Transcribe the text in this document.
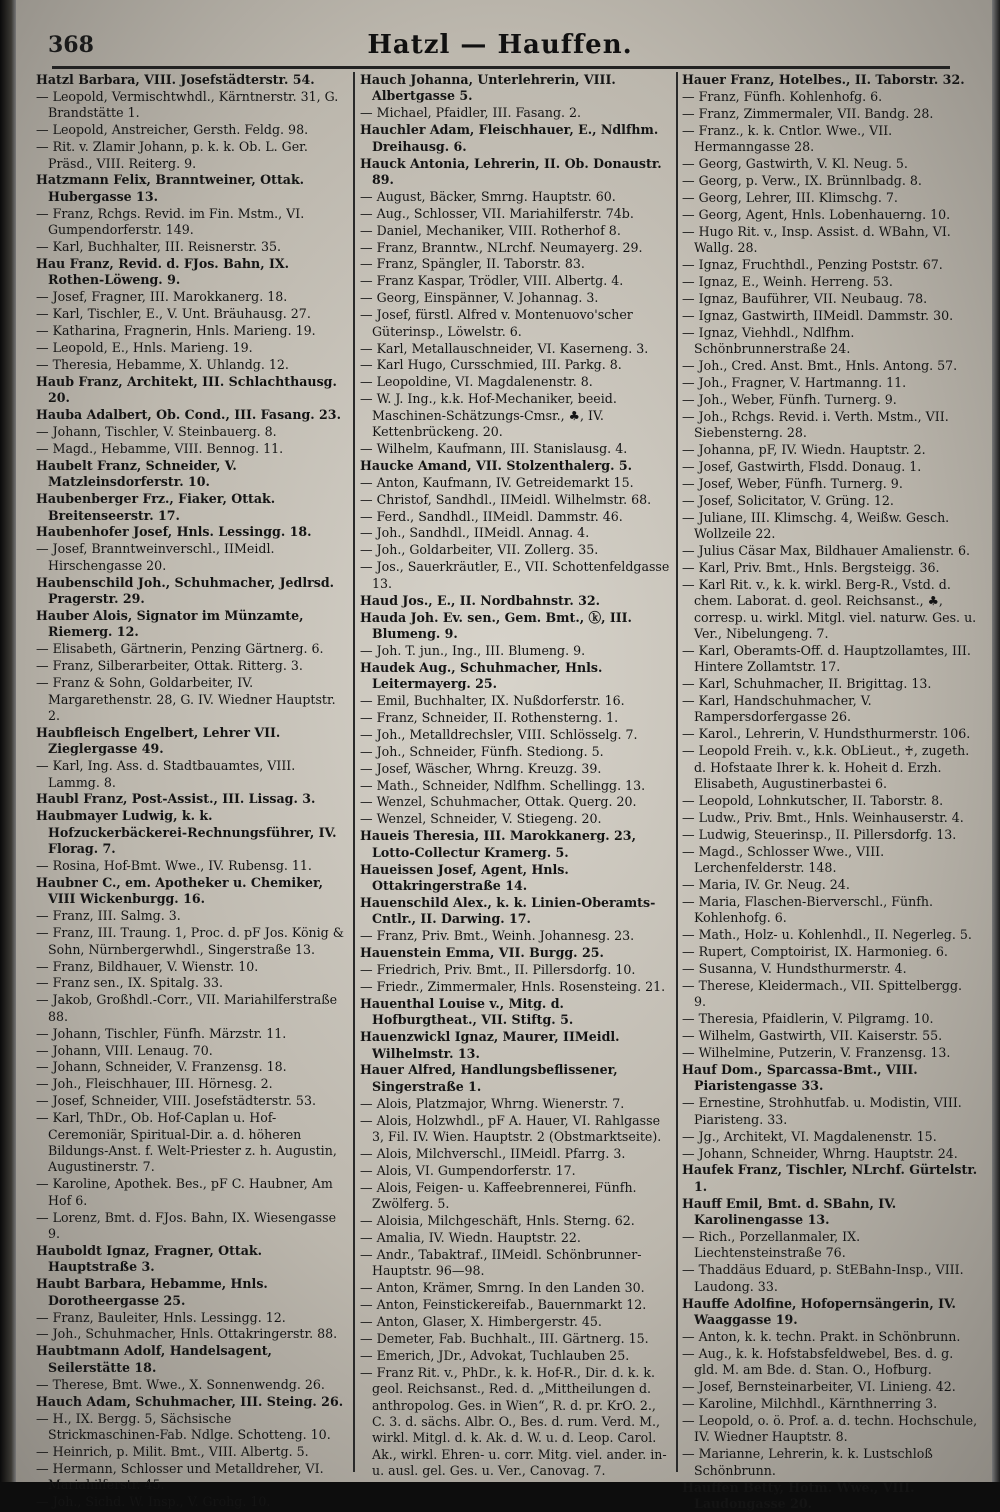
368	Hatzl — Hauffen.
Hatzl Barbara, VIII. Josefstädterstr. 54.
— Leopold, Vermischtwhdl., Kärntnerstr. 31, G. Brandstätte 1.
— Leopold, Anstreicher, Gersth. Feldg. 98.
— Rit. v. Zlamir Johann, p. k. k. Ob. L. Ger. Präsd., VIII. Reiterg. 9.
Hatzmann Felix, Branntweiner, Ottak. Hubergasse 13.
— Franz, Rchgs. Revid. im Fin. Mstm., VI. Gumpendorferstr. 149.
— Karl, Buchhalter, III. Reisnerstr. 35.
Hau Franz, Revid. d. FJos. Bahn, IX. Rothen-Löweng. 9.
— Josef, Fragner, III. Marokkanerg. 18.
— Karl, Tischler, E., V. Unt. Bräuhausg. 27.
— Katharina, Fragnerin, Hnls. Marieng. 19.
— Leopold, E., Hnls. Marieng. 19.
— Theresia, Hebamme, X. Uhlandg. 12.
Haub Franz, Architekt, III. Schlachthausg. 20.
Hauba Adalbert, Ob. Cond., III. Fasang. 23.
— Johann, Tischler, V. Steinbauerg. 8.
— Magd., Hebamme, VIII. Bennog. 11.
Haubelt Franz, Schneider, V. Matzleinsdorferstr. 10.
Haubenberger Frz., Fiaker, Ottak. Breitenseerstr. 17.
Haubenhofer Josef, Hnls. Lessingg. 18.
— Josef, Branntweinverschl., IIMeidl. Hirschengasse 20.
Haubenschild Joh., Schuhmacher, Jedlrsd. Pragerstr. 29.
Hauber Alois, Signator im Münzamte, Riemerg. 12.
— Elisabeth, Gärtnerin, Penzing Gärtnerg. 6.
— Franz, Silberarbeiter, Ottak. Ritterg. 3.
— Franz & Sohn, Goldarbeiter, IV. Margarethenstr. 28, G. IV. Wiedner Hauptstr. 2.
Haubfleisch Engelbert, Lehrer VII. Zieglergasse 49.
— Karl, Ing. Ass. d. Stadtbauamtes, VIII. Lammg. 8.
Haubl Franz, Post-Assist., III. Lissag. 3.
Haubmayer Ludwig, k. k. Hofzuckerbäckerei-Rechnungsführer, IV. Florag. 7.
— Rosina, Hof-Bmt. Wwe., IV. Rubensg. 11.
Haubner C., em. Apotheker u. Chemiker, VIII Wickenburgg. 16.
— Franz, III. Salmg. 3.
— Franz, III. Traung. 1, Proc. d. pF Jos. König & Sohn, Nürnbergerwhdl., Singerstraße 13.
— Franz, Bildhauer, V. Wienstr. 10.
— Franz sen., IX. Spitalg. 33.
— Jakob, Großhdl.-Corr., VII. Mariahilferstraße 88.
— Johann, Tischler, Fünfh. Märzstr. 11.
— Johann, VIII. Lenaug. 70.
— Johann, Schneider, V. Franzensg. 18.
— Joh., Fleischhauer, III. Hörnesg. 2.
— Josef, Schneider, VIII. Josefstädterstr. 53.
— Karl, ThDr., Ob. Hof-Caplan u. Hof-Ceremoniär, Spiritual-Dir. a. d. höheren Bildungs-Anst. f. Welt-Priester z. h. Augustin, Augustinerstr. 7.
— Karoline, Apothek. Bes., pF C. Haubner, Am Hof 6.
— Lorenz, Bmt. d. FJos. Bahn, IX. Wiesengasse 9.
Hauboldt Ignaz, Fragner, Ottak. Hauptstraße 3.
Haubt Barbara, Hebamme, Hnls. Dorotheergasse 25.
— Franz, Bauleiter, Hnls. Lessingg. 12.
— Joh., Schuhmacher, Hnls. Ottakringerstr. 88.
Haubtmann Adolf, Handelsagent, Seilerstätte 18.
— Therese, Bmt. Wwe., X. Sonnenwendg. 26.
Hauch Adam, Schuhmacher, III. Steing. 26.
— H., IX. Bergg. 5, Sächsische Strickmaschinen-Fab. Ndlge. Schotteng. 10.
— Heinrich, p. Milit. Bmt., VIII. Albertg. 5.
— Hermann, Schlosser und Metalldreher, VI. Mariahilferstr. 45.
— Joh., Sichd. W. Insp., V. Grohg. 10.
Hauch Johanna, Unterlehrerin, VIII. Albertgasse 5.
— Michael, Pfaidler, III. Fasang. 2.
Hauchler Adam, Fleischhauer, E., Ndlfhm. Dreihausg. 6.
Hauck Antonia, Lehrerin, II. Ob. Donaustr. 89.
— August, Bäcker, Smrng. Hauptstr. 60.
— Aug., Schlosser, VII. Mariahilferstr. 74b.
— Daniel, Mechaniker, VIII. Rotherhof 8.
— Franz, Branntw., NLrchf. Neumayerg. 29.
— Franz, Spängler, II. Taborstr. 83.
— Franz Kaspar, Trödler, VIII. Albertg. 4.
— Georg, Einspänner, V. Johannag. 3.
— Josef, fürstl. Alfred v. Montenuovo'scher Güterinsp., Löwelstr. 6.
— Karl, Metallauschneider, VI. Kaserneng. 3.
— Karl Hugo, Cursschmied, III. Parkg. 8.
— Leopoldine, VI. Magdalenenstr. 8.
— W. J. Ing., k.k. Hof-Mechaniker, beeid. Maschinen-Schätzungs-Cmsr., ♣, IV. Kettenbrückeng. 20.
— Wilhelm, Kaufmann, III. Stanislausg. 4.
Haucke Amand, VII. Stolzenthalerg. 5.
— Anton, Kaufmann, IV. Getreidemarkt 15.
— Christof, Sandhdl., IIMeidl. Wilhelmstr. 68.
— Ferd., Sandhdl., IIMeidl. Dammstr. 46.
— Joh., Sandhdl., IIMeidl. Annag. 4.
— Joh., Goldarbeiter, VII. Zollerg. 35.
— Jos., Sauerkräutler, E., VII. Schottenfeldgasse 13.
Haud Jos., E., II. Nordbahnstr. 32.
Hauda Joh. Ev. sen., Gem. Bmt., ⓚ, III. Blumeng. 9.
— Joh. T. jun., Ing., III. Blumeng. 9.
Haudek Aug., Schuhmacher, Hnls. Leitermayerg. 25.
— Emil, Buchhalter, IX. Nußdorferstr. 16.
— Franz, Schneider, II. Rothensterng. 1.
— Joh., Metalldrechsler, VIII. Schlösselg. 7.
— Joh., Schneider, Fünfh. Stediong. 5.
— Josef, Wäscher, Whrng. Kreuzg. 39.
— Math., Schneider, Ndlfhm. Schellingg. 13.
— Wenzel, Schuhmacher, Ottak. Querg. 20.
— Wenzel, Schneider, V. Stiegeng. 20.
Haueis Theresia, III. Marokkanerg. 23, Lotto-Collectur Kramerg. 5.
Haueissen Josef, Agent, Hnls. Ottakringerstraße 14.
Hauenschild Alex., k. k. Linien-Oberamts-Cntlr., II. Darwing. 17.
— Franz, Priv. Bmt., Weinh. Johannesg. 23.
Hauenstein Emma, VII. Burgg. 25.
— Friedrich, Priv. Bmt., II. Pillersdorfg. 10.
— Friedr., Zimmermaler, Hnls. Rosensteing. 21.
Hauenthal Louise v., Mitg. d. Hofburgtheat., VII. Stiftg. 5.
Hauenzwickl Ignaz, Maurer, IIMeidl. Wilhelmstr. 13.
Hauer Alfred, Handlungsbeflissener, Singerstraße 1.
— Alois, Platzmajor, Whrng. Wienerstr. 7.
— Alois, Holzwhdl., pF A. Hauer, VI. Rahlgasse 3, Fil. IV. Wien. Hauptstr. 2 (Obstmarktseite).
— Alois, Milchverschl., IIMeidl. Pfarrg. 3.
— Alois, VI. Gumpendorferstr. 17.
— Alois, Feigen- u. Kaffeebrennerei, Fünfh. Zwölferg. 5.
— Aloisia, Milchgeschäft, Hnls. Sterng. 62.
— Amalia, IV. Wiedn. Hauptstr. 22.
— Andr., Tabaktraf., IIMeidl. Schönbrunner-Hauptstr. 96—98.
— Anton, Krämer, Smrng. In den Landen 30.
— Anton, Feinstickereifab., Bauernmarkt 12.
— Anton, Glaser, X. Himbergerstr. 45.
— Demeter, Fab. Buchhalt., III. Gärtnerg. 15.
— Emerich, JDr., Advokat, Tuchlauben 25.
— Franz Rit. v., PhDr., k. k. Hof-R., Dir. d. k. k. geol. Reichsanst., Red. d. „Mittheilungen d. anthropolog. Ges. in Wien“, R. d. pr. KrO. 2., C. 3. d. sächs. Albr. O., Bes. d. rum. Verd. M., wirkl. Mitgl. d. k. Ak. d. W. u. d. Leop. Carol. Ak., wirkl. Ehren- u. corr. Mitg. viel. ander. in- u. ausl. gel. Ges. u. Ver., Canovag. 7.
Hauer Franz, Hotelbes., II. Taborstr. 32.
— Franz, Fünfh. Kohlenhofg. 6.
— Franz, Zimmermaler, VII. Bandg. 28.
— Franz., k. k. Cntlor. Wwe., VII. Hermanngasse 28.
— Georg, Gastwirth, V. Kl. Neug. 5.
— Georg, p. Verw., IX. Brünnlbadg. 8.
— Georg, Lehrer, III. Klimschg. 7.
— Georg, Agent, Hnls. Lobenhauerng. 10.
— Hugo Rit. v., Insp. Assist. d. WBahn, VI. Wallg. 28.
— Ignaz, Fruchthdl., Penzing Poststr. 67.
— Ignaz, E., Weinh. Herreng. 53.
— Ignaz, Bauführer, VII. Neubaug. 78.
— Ignaz, Gastwirth, IIMeidl. Dammstr. 30.
— Ignaz, Viehhdl., Ndlfhm. Schönbrunnerstraße 24.
— Joh., Cred. Anst. Bmt., Hnls. Antong. 57.
— Joh., Fragner, V. Hartmanng. 11.
— Joh., Weber, Fünfh. Turnerg. 9.
— Joh., Rchgs. Revid. i. Verth. Mstm., VII. Siebensterng. 28.
— Johanna, pF, IV. Wiedn. Hauptstr. 2.
— Josef, Gastwirth, Flsdd. Donaug. 1.
— Josef, Weber, Fünfh. Turnerg. 9.
— Josef, Solicitator, V. Grüng. 12.
— Juliane, III. Klimschg. 4, Weißw. Gesch. Wollzeile 22.
— Julius Cäsar Max, Bildhauer Amalienstr. 6.
— Karl, Priv. Bmt., Hnls. Bergsteigg. 36.
— Karl Rit. v., k. k. wirkl. Berg-R., Vstd. d. chem. Laborat. d. geol. Reichsanst., ♣, corresp. u. wirkl. Mitgl. viel. naturw. Ges. u. Ver., Nibelungeng. 7.
— Karl, Oberamts-Off. d. Hauptzollamtes, III. Hintere Zollamtstr. 17.
— Karl, Schuhmacher, II. Brigittag. 13.
— Karl, Handschuhmacher, V. Rampersdorfergasse 26.
— Karol., Lehrerin, V. Hundsthurmerstr. 106.
— Leopold Freih. v., k.k. ObLieut., ♰, zugeth. d. Hofstaate Ihrer k. k. Hoheit d. Erzh. Elisabeth, Augustinerbastei 6.
— Leopold, Lohnkutscher, II. Taborstr. 8.
— Ludw., Priv. Bmt., Hnls. Weinhauserstr. 4.
— Ludwig, Steuerinsp., II. Pillersdorfg. 13.
— Magd., Schlosser Wwe., VIII. Lerchenfelderstr. 148.
— Maria, IV. Gr. Neug. 24.
— Maria, Flaschen-Bierverschl., Fünfh. Kohlenhofg. 6.
— Math., Holz- u. Kohlenhdl., II. Negerleg. 5.
— Rupert, Comptoirist, IX. Harmonieg. 6.
— Susanna, V. Hundsthurmerstr. 4.
— Therese, Kleidermach., VII. Spittelbergg. 9.
— Theresia, Pfaidlerin, V. Pilgramg. 10.
— Wilhelm, Gastwirth, VII. Kaiserstr. 55.
— Wilhelmine, Putzerin, V. Franzensg. 13.
Hauf Dom., Sparcassa-Bmt., VIII. Piaristengasse 33.
— Ernestine, Strohhutfab. u. Modistin, VIII. Piaristeng. 33.
— Jg., Architekt, VI. Magdalenenstr. 15.
— Johann, Schneider, Whrng. Hauptstr. 24.
Haufek Franz, Tischler, NLrchf. Gürtelstr. 1.
Hauff Emil, Bmt. d. SBahn, IV. Karolinengasse 13.
— Rich., Porzellanmaler, IX. Liechtensteinstraße 76.
— Thaddäus Eduard, p. StEBahn-Insp., VIII. Laudong. 33.
Hauffe Adolfine, Hofopernsängerin, IV. Waaggasse 19.
— Anton, k. k. techn. Prakt. in Schönbrunn.
— Aug., k. k. Hofstabsfeldwebel, Bes. d. g. gld. M. am Bde. d. Stan. O., Hofburg.
— Josef, Bernsteinarbeiter, VI. Linieng. 42.
— Karoline, Milchhdl., Kärnthnerring 3.
— Leopold, o. ö. Prof. a. d. techn. Hochschule, IV. Wiedner Hauptstr. 8.
— Marianne, Lehrerin, k. k. Lustschloß Schönbrunn.
Hauffen Betty, Hotm. Wwe., VIII. Laudongasse 20.
